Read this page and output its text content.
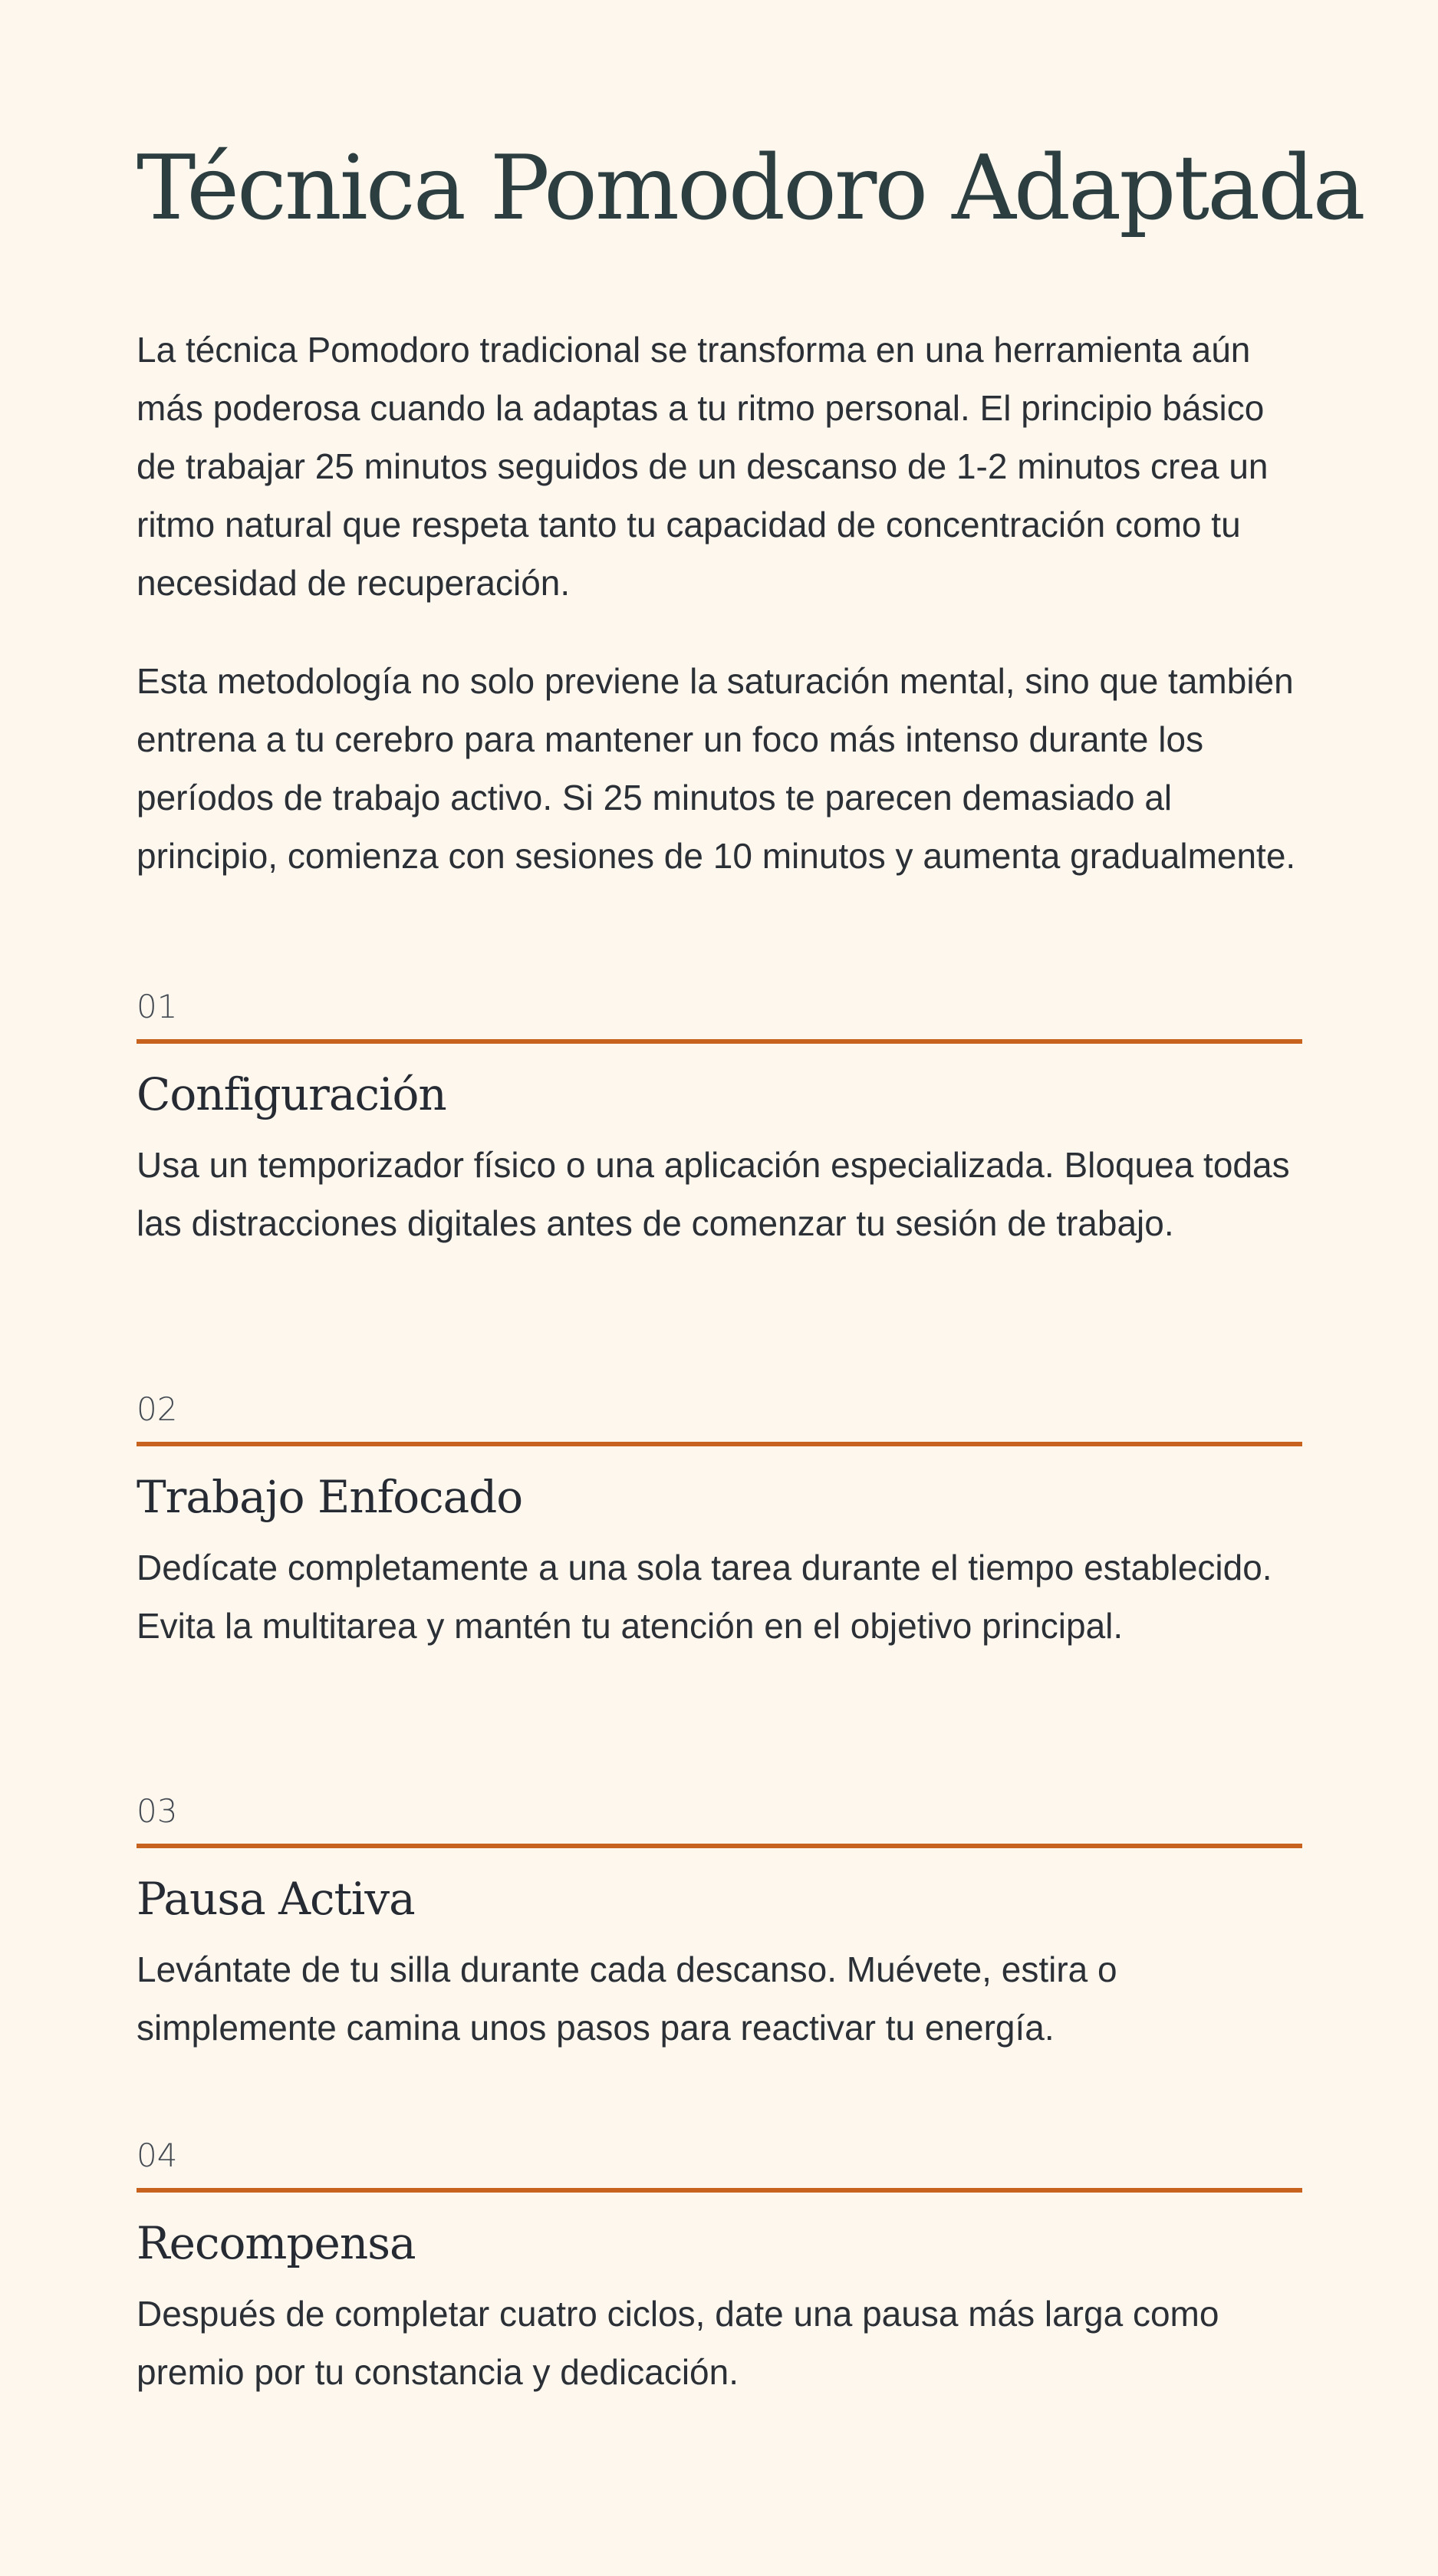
Técnica Pomodoro Adaptada

La técnica Pomodoro tradicional se transforma en una herramienta aún más poderosa cuando la adaptas a tu ritmo personal. El principio básico de trabajar 25 minutos seguidos de un descanso de 1-2 minutos crea un ritmo natural que respeta tanto tu capacidad de concentración como tu necesidad de recuperación.

Esta metodología no solo previene la saturación mental, sino que también entrena a tu cerebro para mantener un foco más intenso durante los períodos de trabajo activo. Si 25 minutos te parecen demasiado al principio, comienza con sesiones de 10 minutos y aumenta gradualmente.

01
Configuración

Usa un temporizador físico o una aplicación especializada. Bloquea todas las distracciones digitales antes de comenzar tu sesión de trabajo.

02
Trabajo Enfocado

Dedícate completamente a una sola tarea durante el tiempo establecido. Evita la multitarea y mantén tu atención en el objetivo principal.

03
Pausa Activa

Levántate de tu silla durante cada descanso. Muévete, estira o simplemente camina unos pasos para reactivar tu energía.

04
Recompensa

Después de completar cuatro ciclos, date una pausa más larga como premio por tu constancia y dedicación.
